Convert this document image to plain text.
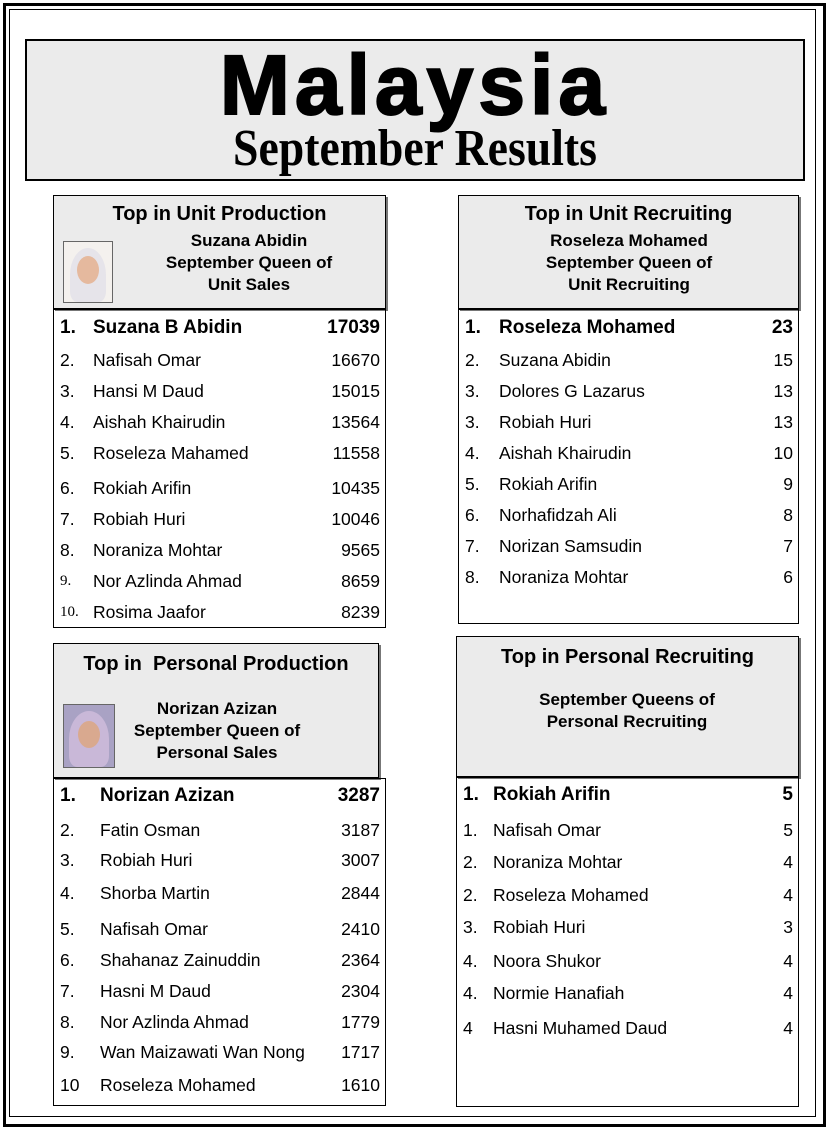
Malaysia
September Results
Top in Unit Production
Suzana Abidin
September Queen of
Unit Sales
1. Suzana B Abidin	17039
2. Nafisah Omar	16670
3. Hansi M Daud	15015
4. Aishah Khairudin	13564
5. Roseleza Mahamed	11558
6. Rokiah Arifin	10435
7. Robiah Huri	10046
8. Noraniza Mohtar	9565
9. Nor Azlinda Ahmad	8659
10. Rosima Jaafor	8239
Top in Unit Recruiting
Roseleza Mohamed
September Queen of
Unit Recruiting
1. Roseleza Mohamed	23
2. Suzana Abidin	15
3. Dolores G Lazarus	13
3. Robiah Huri	13
4. Aishah Khairudin	10
5. Rokiah Arifin	9
6. Norhafidzah Ali	8
7. Norizan Samsudin	7
8. Noraniza Mohtar	6
Top in  Personal Production
Norizan Azizan
September Queen of
Personal Sales
1. Norizan Azizan	3287
2. Fatin Osman	3187
3. Robiah Huri	3007
4. Shorba Martin	2844
5. Nafisah Omar	2410
6. Shahanaz Zainuddin	2364
7. Hasni M Daud	2304
8. Nor Azlinda Ahmad	1779
9. Wan Maizawati Wan Nong 1717
10 Roseleza Mohamed	1610
Top in Personal Recruiting
September Queens of
Personal Recruiting
1. Rokiah Arifin	5
1. Nafisah Omar	5
2. Noraniza Mohtar	4
2. Roseleza Mohamed	4
3. Robiah Huri	3
4. Noora Shukor	4
4. Normie Hanafiah	4
4 Hasni Muhamed Daud	4
